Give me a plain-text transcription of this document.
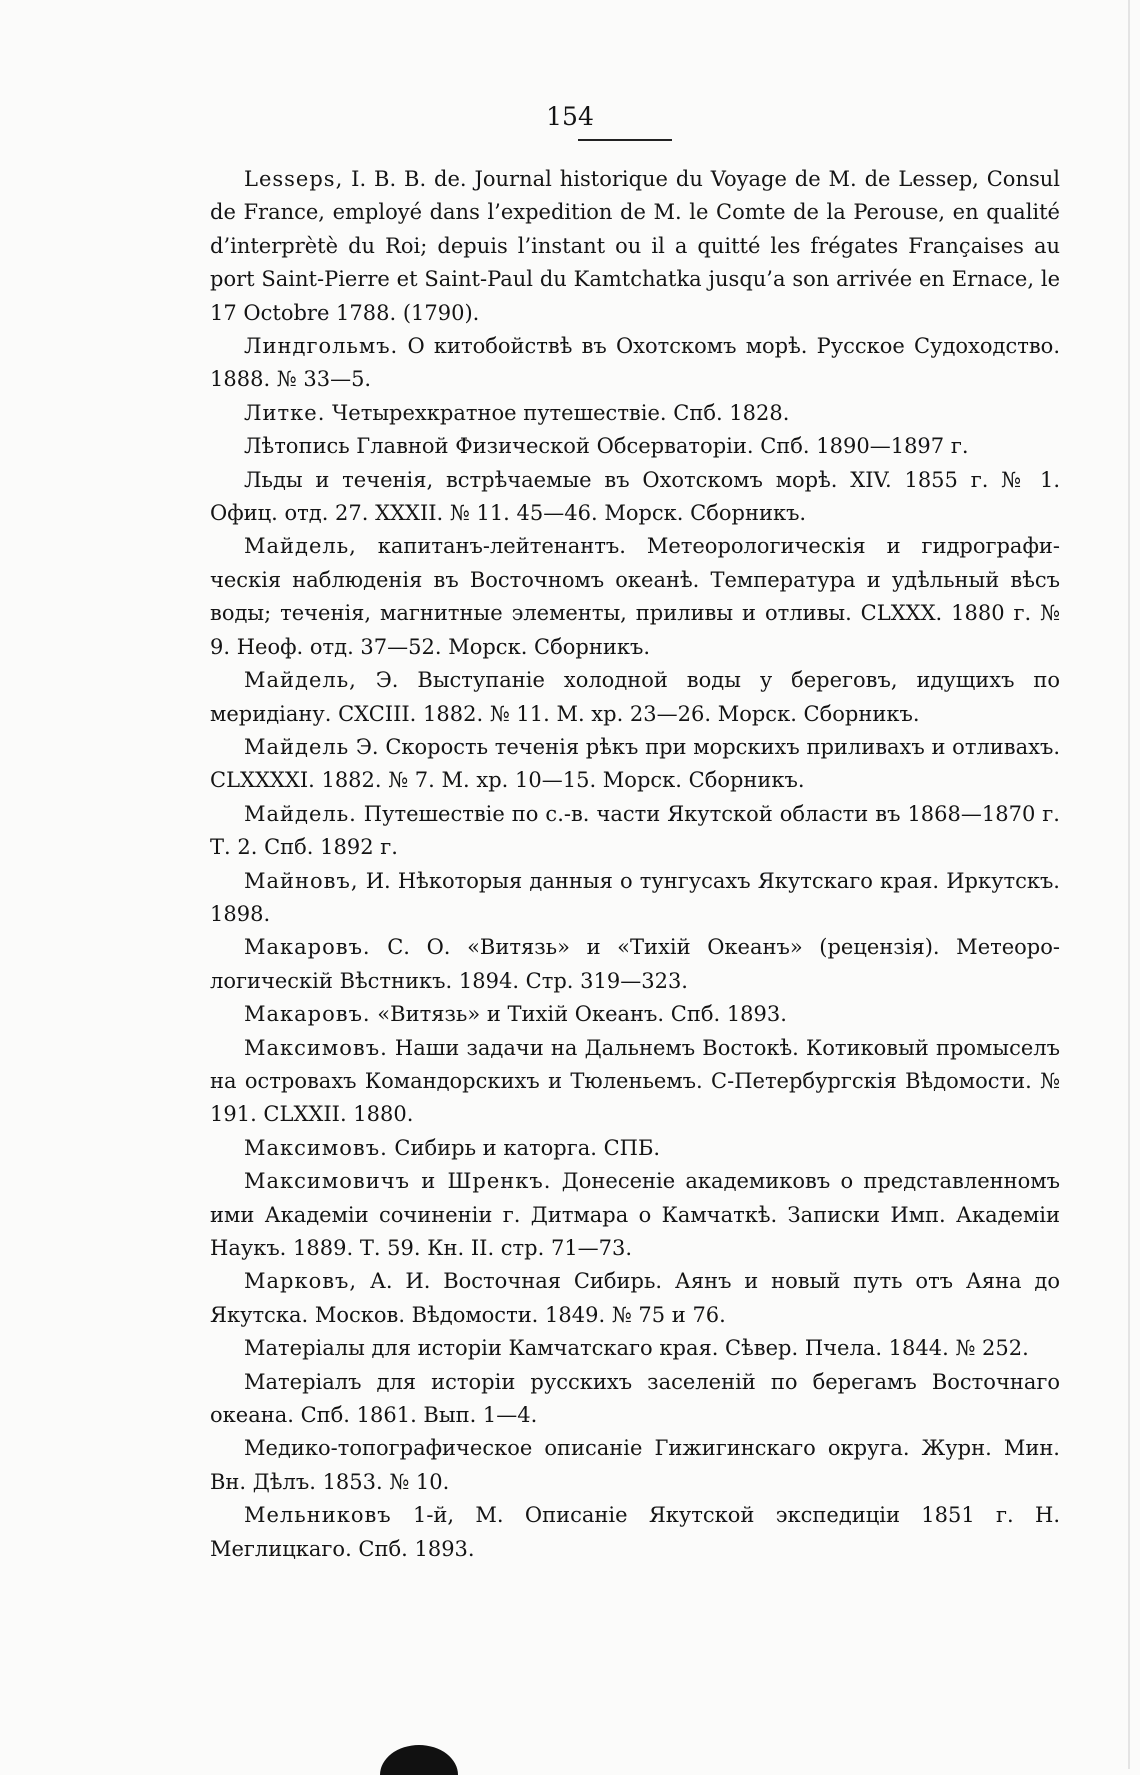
154

Lesseps, I. B. B. de. Journal historique du Voyage de M. de Lessep, Consul de France, employé dans l’expedition de M. le Comte de la Perouse, en qualité d’interprètè du Roi; depuis l’instant ou il a quitté les frégates Françaises au port Saint-Pierre et Saint-Paul du Kamtchatka jusqu’a son arrivée en Ernace, le 17 Octobre 1788. (1790).

Линдгольмъ. О китобойствѣ въ Охотскомъ морѣ. Русское Судоходство. 1888. № 33—5.

Литке. Четырехкратное путешествіе. Спб. 1828.

Лѣтопись Главной Физической Обсерваторіи. Спб. 1890—1897 г.

Льды и теченія, встрѣчаемые въ Охотскомъ морѣ. XIV. 1855 г. № 1. Офиц. отд. 27. XXXII. № 11. 45—46. Морск. Сборникъ.

Майдель, капитанъ-лейтенантъ. Метеорологическія и гидрографическія наблюденія въ Восточномъ океанѣ. Температура и удѣльный вѣсъ воды; теченія, магнитные элементы, приливы и отливы. CLXXX. 1880 г. № 9. Неоф. отд. 37—52. Морск. Сборникъ.

Майдель, Э. Выступаніе холодной воды у береговъ, идущихъ по меридіану. CXCIII. 1882. № 11. М. хр. 23—26. Морск. Сборникъ.

Майдель Э. Скорость теченія рѣкъ при морскихъ приливахъ и отливахъ. CLXXXXI. 1882. № 7. М. хр. 10—15. Морск. Сборникъ.

Майдель. Путешествіе по с.-в. части Якутской области въ 1868—1870 г. Т. 2. Спб. 1892 г.

Майновъ, И. Нѣкоторыя данныя о тунгусахъ Якутскаго края. Иркутскъ. 1898.

Макаровъ. С. О. «Витязь» и «Тихій Океанъ» (рецензія). Метеорологическій Вѣстникъ. 1894. Стр. 319—323.

Макаровъ. «Витязь» и Тихій Океанъ. Спб. 1893.

Максимовъ. Наши задачи на Дальнемъ Востокѣ. Котиковый промыселъ на островахъ Командорскихъ и Тюленьемъ. С-Петербургскія Вѣдомости. № 191. CLXXII. 1880.

Максимовъ. Сибирь и каторга. СПБ.

Максимовичъ и Шренкъ. Донесеніе академиковъ о представленномъ ими Академіи сочиненіи г. Дитмара о Камчаткѣ. Записки Имп. Академіи Наукъ. 1889. Т. 59. Кн. II. стр. 71—73.

Марковъ, А. И. Восточная Сибирь. Аянъ и новый путь отъ Аяна до Якутска. Москов. Вѣдомости. 1849. № 75 и 76.

Матеріалы для исторіи Камчатскаго края. Сѣвер. Пчела. 1844. № 252.

Матеріалъ для исторіи русскихъ заселеній по берегамъ Восточнаго океана. Спб. 1861. Вып. 1—4.

Медико-топографическое описаніе Гижигинскаго округа. Журн. Мин. Вн. Дѣлъ. 1853. № 10.

Мельниковъ 1-й, М. Описаніе Якутской экспедиціи 1851 г. Н. Меглицкаго. Спб. 1893.
